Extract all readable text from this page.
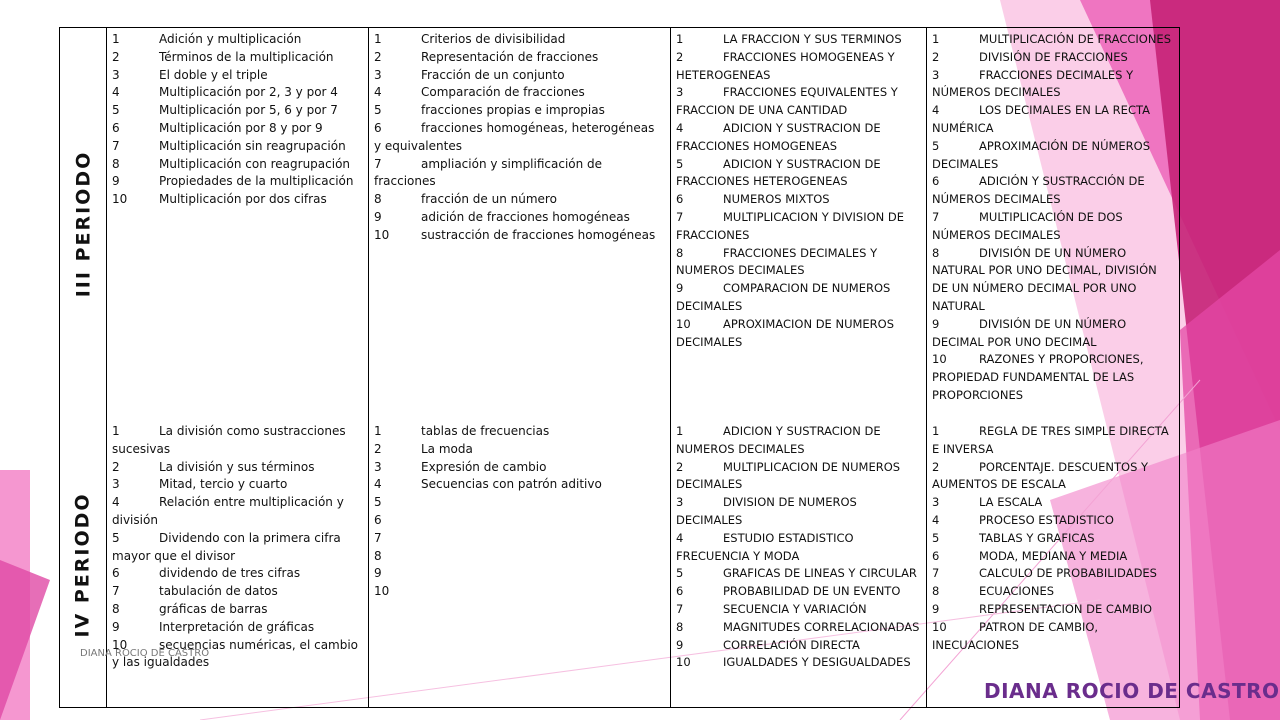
III PERIODO
1	Adición y multiplicación
2	Términos de la multiplicación
3	El doble y el triple
4	Multiplicación por 2, 3 y por 4
5	Multiplicación por 5, 6 y por 7
6	Multiplicación por 8 y por 9
7	Multiplicación sin reagrupación
8	Multiplicación con reagrupación
9	Propiedades de la multiplicación
10	Multiplicación por dos cifras
1	Criterios de divisibilidad
2	Representación de fracciones
3	Fracción de un conjunto
4	Comparación de fracciones
5	fracciones propias e impropias
6	fracciones homogéneas, heterogéneas y equivalentes
7	ampliación y simplificación de fracciones
8	fracción de un número
9	adición de fracciones homogéneas
10	sustracción de fracciones homogéneas
1	LA FRACCION Y SUS TERMINOS
2	FRACCIONES HOMOGENEAS Y HETEROGENEAS
3	FRACCIONES EQUIVALENTES Y FRACCION DE UNA CANTIDAD
4	ADICION Y SUSTRACION DE FRACCIONES HOMOGENEAS
5	ADICION Y SUSTRACION DE FRACCIONES HETEROGENEAS
6	NUMEROS MIXTOS
7	MULTIPLICACION Y DIVISION DE FRACCIONES
8	FRACCIONES DECIMALES Y NUMEROS DECIMALES
9	COMPARACION DE NUMEROS DECIMALES
10	APROXIMACION DE NUMEROS DECIMALES
1	MULTIPLICACIÓN DE FRACCIONES
2	DIVISIÓN DE FRACCIONES
3	FRACCIONES DECIMALES Y NÚMEROS DECIMALES
4	LOS DECIMALES EN LA RECTA NUMÉRICA
5	APROXIMACIÓN DE NÚMEROS DECIMALES
6	ADICIÓN Y SUSTRACCIÓN DE NÚMEROS DECIMALES
7	MULTIPLICACIÓN DE DOS NÚMEROS DECIMALES
8	DIVISIÓN DE UN NÚMERO NATURAL POR UNO DECIMAL, DIVISIÓN DE UN NÚMERO DECIMAL POR UNO NATURAL
9	DIVISIÓN DE UN NÚMERO DECIMAL POR UNO DECIMAL
10	RAZONES Y PROPORCIONES, PROPIEDAD FUNDAMENTAL DE LAS PROPORCIONES
IV PERIODO
1	La división como sustracciones sucesivas
2	La división y sus términos
3	Mitad, tercio y cuarto
4	Relación entre multiplicación y división
5	Dividendo con la primera cifra mayor que el divisor
6	dividendo de tres cifras
7	tabulación de datos
8	gráficas de barras
9	Interpretación de gráficas
10	secuencias numéricas, el cambio y las igualdades
1	tablas de frecuencias
2	La moda
3	Expresión de cambio
4	Secuencias con patrón aditivo
5
6
7
8
9
10
1	ADICION Y SUSTRACION DE NUMEROS DECIMALES
2	MULTIPLICACION DE NUMEROS DECIMALES
3	DIVISION DE NUMEROS DECIMALES
4	ESTUDIO ESTADISTICO FRECUENCIA Y MODA
5	GRAFICAS DE LINEAS Y CIRCULAR
6	PROBABILIDAD DE UN EVENTO
7	SECUENCIA Y VARIACIÓN
8	MAGNITUDES CORRELACIONADAS
9	CORRELACIÓN DIRECTA
10	IGUALDADES Y DESIGUALDADES
1	REGLA DE TRES SIMPLE DIRECTA E INVERSA
2	PORCENTAJE. DESCUENTOS Y AUMENTOS DE ESCALA
3	LA ESCALA
4	PROCESO ESTADISTICO
5	TABLAS Y GRAFICAS
6	MODA, MEDIANA Y MEDIA
7	CALCULO DE PROBABILIDADES
8	ECUACIONES
9	REPRESENTACION DE CAMBIO
10	PATRON DE CAMBIO, INECUACIONES
DIANA ROCIO DE CASTRO
DIANA ROCIO DE CASTRO
